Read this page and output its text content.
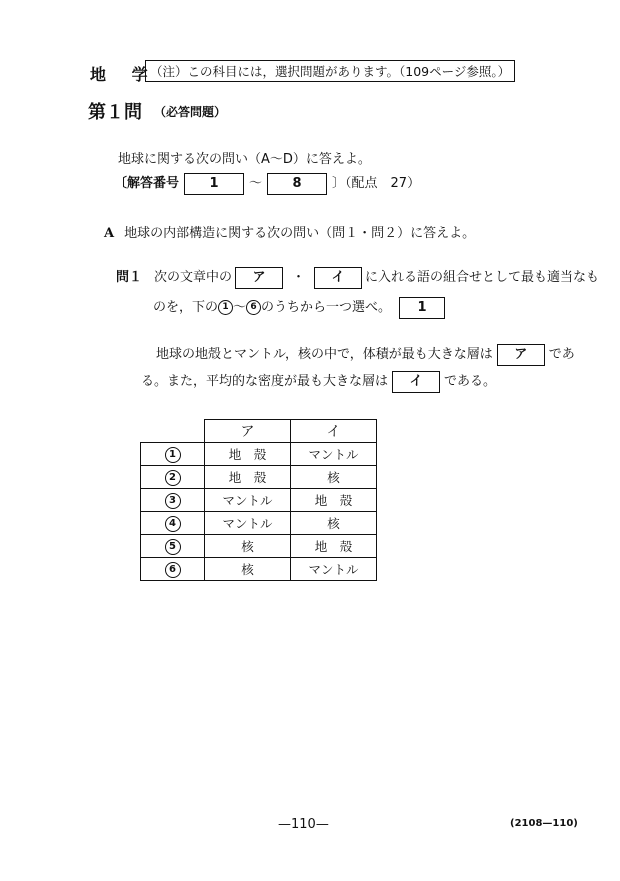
地 学
（注）この科目には，選択問題があります。（109ページ参照。）
第１問 （必答問題）
地球に関する次の問い（A～D）に答えよ。
〔解答番号 1 ～ 8 〕（配点　27）
A 地球の内部構造に関する次の問い（問１・問２）に答えよ。
問１ 次の文章中の ア ・ イ に入れる語の組合せとして最も適当なも
のを，下の 1 ～ 6 のうちから一つ選べ。 1
地球の地殻とマントル，核の中で，体積が最も大きな層は ア であ
る。また，平均的な密度が最も大きな層は イ である。
	ア	イ
1	地　殻	マントル
2	地　殻	核
3	マントル	地　殻
4	マントル	核
5	核	地　殻
6	核	マントル
—110—	(2108—110)
